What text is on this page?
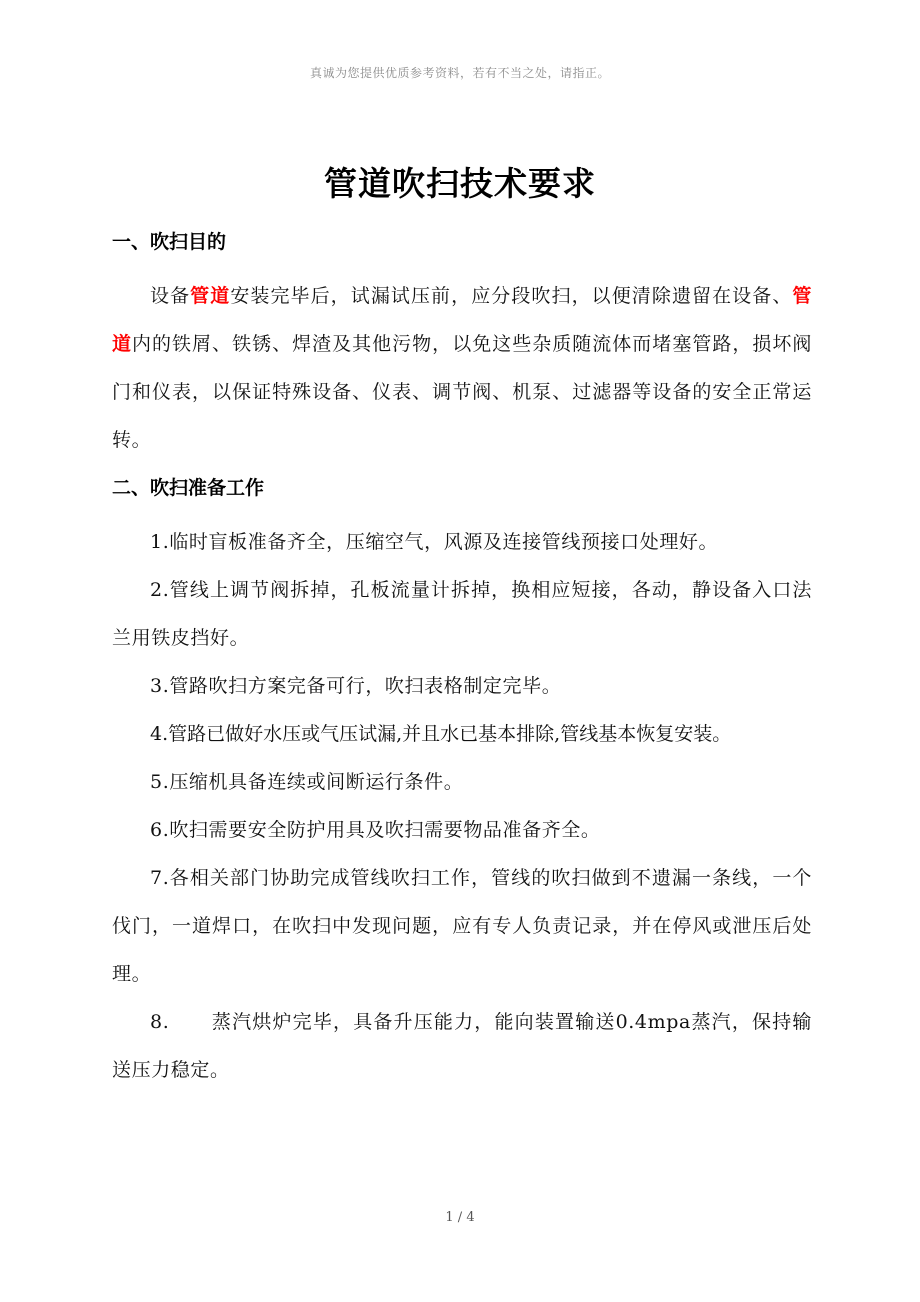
真诚为您提供优质参考资料，若有不当之处，请指正。
管道吹扫技术要求
一、吹扫目的

设备管道安装完毕后，试漏试压前，应分段吹扫，以便清除遗留在设备、管道内的铁屑、铁锈、焊渣及其他污物，以免这些杂质随流体而堵塞管路，损坏阀门和仪表，以保证特殊设备、仪表、调节阀、机泵、过滤器等设备的安全正常运转。

二、吹扫准备工作

1.临时盲板准备齐全，压缩空气，风源及连接管线预接口处理好。

2.管线上调节阀拆掉，孔板流量计拆掉，换相应短接，各动，静设备入口法兰用铁皮挡好。

3.管路吹扫方案完备可行，吹扫表格制定完毕。

4.管路已做好水压或气压试漏,并且水已基本排除,管线基本恢复安装。

5.压缩机具备连续或间断运行条件。

6.吹扫需要安全防护用具及吹扫需要物品准备齐全。

7.各相关部门协助完成管线吹扫工作，管线的吹扫做到不遗漏一条线，一个伐门，一道焊口，在吹扫中发现问题，应有专人负责记录，并在停风或泄压后处理。

8. 蒸汽烘炉完毕，具备升压能力，能向装置输送0.4mpa蒸汽，保持输送压力稳定。

1 / 4
